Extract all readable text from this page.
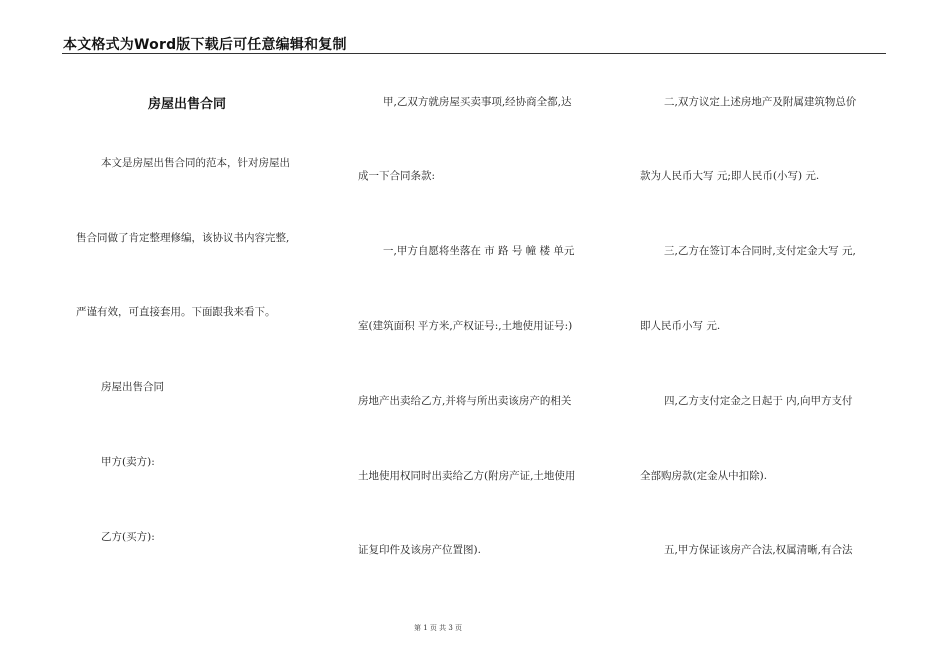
本文格式为Word版下载后可任意编辑和复制
房屋出售合同
本文是房屋出售合同的范本，针对房屋出
售合同做了肯定整理修编，该协议书内容完整,
严谨有效，可直接套用。下面跟我来看下。
房屋出售合同
甲方(卖方):
乙方(买方):
甲,乙双方就房屋买卖事项,经协商全都,达
成一下合同条款:
一,甲方自愿将坐落在 市 路 号 幢 楼 单元
室(建筑面积 平方米,产权证号:,土地使用证号:)
房地产出卖给乙方,并将与所出卖该房产的相关
土地使用权同时出卖给乙方(附房产证,土地使用
证复印件及该房产位置图).
二,双方议定上述房地产及附属建筑物总价
款为人民币大写 元;即人民币(小写) 元.
三,乙方在签订本合同时,支付定金大写 元,
即人民币小写 元.
四,乙方支付定金之日起于 内,向甲方支付
全部购房款(定金从中扣除).
五,甲方保证该房产合法,权属清晰,有合法
第 1 页 共 3 页
